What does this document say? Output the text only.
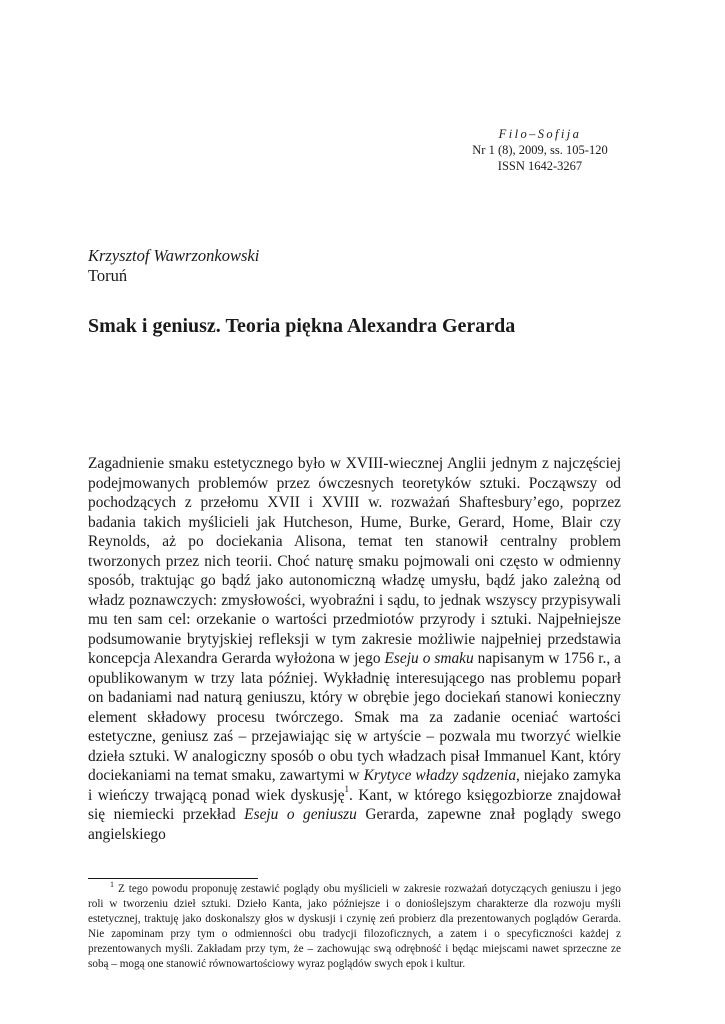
Filo–Sofija
Nr 1 (8), 2009, ss. 105-120
ISSN 1642-3267
Krzysztof Wawrzonkowski
Toruń
Smak i geniusz. Teoria piękna Alexandra Gerarda

Zagadnienie smaku estetycznego było w XVIII-wiecznej Anglii jednym z najczęściej podejmowanych problemów przez ówczesnych teoretyków sztuki. Począwszy od pochodzących z przełomu XVII i XVIII w. rozważań Shaftesbury’ego, poprzez badania takich myślicieli jak Hutcheson, Hume, Burke, Gerard, Home, Blair czy Reynolds, aż po dociekania Alisona, temat ten stanowił centralny problem tworzonych przez nich teorii. Choć naturę smaku pojmowali oni często w odmienny sposób, traktując go bądź jako autonomiczną władzę umysłu, bądź jako zależną od władz poznawczych: zmysłowości, wyobraźni i sądu, to jednak wszyscy przypisywali mu ten sam cel: orzekanie o wartości przedmiotów przyrody i sztuki. Najpełniejsze podsumowanie brytyjskiej refleksji w tym zakresie możliwie najpełniej przedstawia koncepcja Alexandra Gerarda wyłożona w jego Eseju o smaku napisanym w 1756 r., a opublikowanym w trzy lata później. Wykładnię interesującego nas problemu poparł on badaniami nad naturą geniuszu, który w obrębie jego dociekań stanowi konieczny element składowy procesu twórczego. Smak ma za zadanie oceniać wartości estetyczne, geniusz zaś – przejawiając się w artyście – pozwala mu tworzyć wielkie dzieła sztuki. W analogiczny sposób o obu tych władzach pisał Immanuel Kant, który dociekaniami na temat smaku, zawartymi w Krytyce władzy sądzenia, niejako zamyka i wieńczy trwającą ponad wiek dyskusję$^1$. Kant, w którego księgozbiorze znajdował się niemiecki przekład Eseju o geniuszu Gerarda, zapewne znał poglądy swego angielskiego

$^1$ Z tego powodu proponuję zestawić poglądy obu myślicieli w zakresie rozważań dotyczących geniuszu i jego roli w tworzeniu dzieł sztuki. Dzieło Kanta, jako późniejsze i o donioślejszym charakterze dla rozwoju myśli estetycznej, traktuję jako doskonalszy głos w dyskusji i czynię zeń probierz dla prezentowanych poglądów Gerarda. Nie zapominam przy tym o odmienności obu tradycji filozoficznych, a zatem i o specyficzności każdej z prezentowanych myśli. Zakładam przy tym, że – zachowując swą odrębność i będąc miejscami nawet sprzeczne ze sobą – mogą one stanowić równowartościowy wyraz poglądów swych epok i kultur.
